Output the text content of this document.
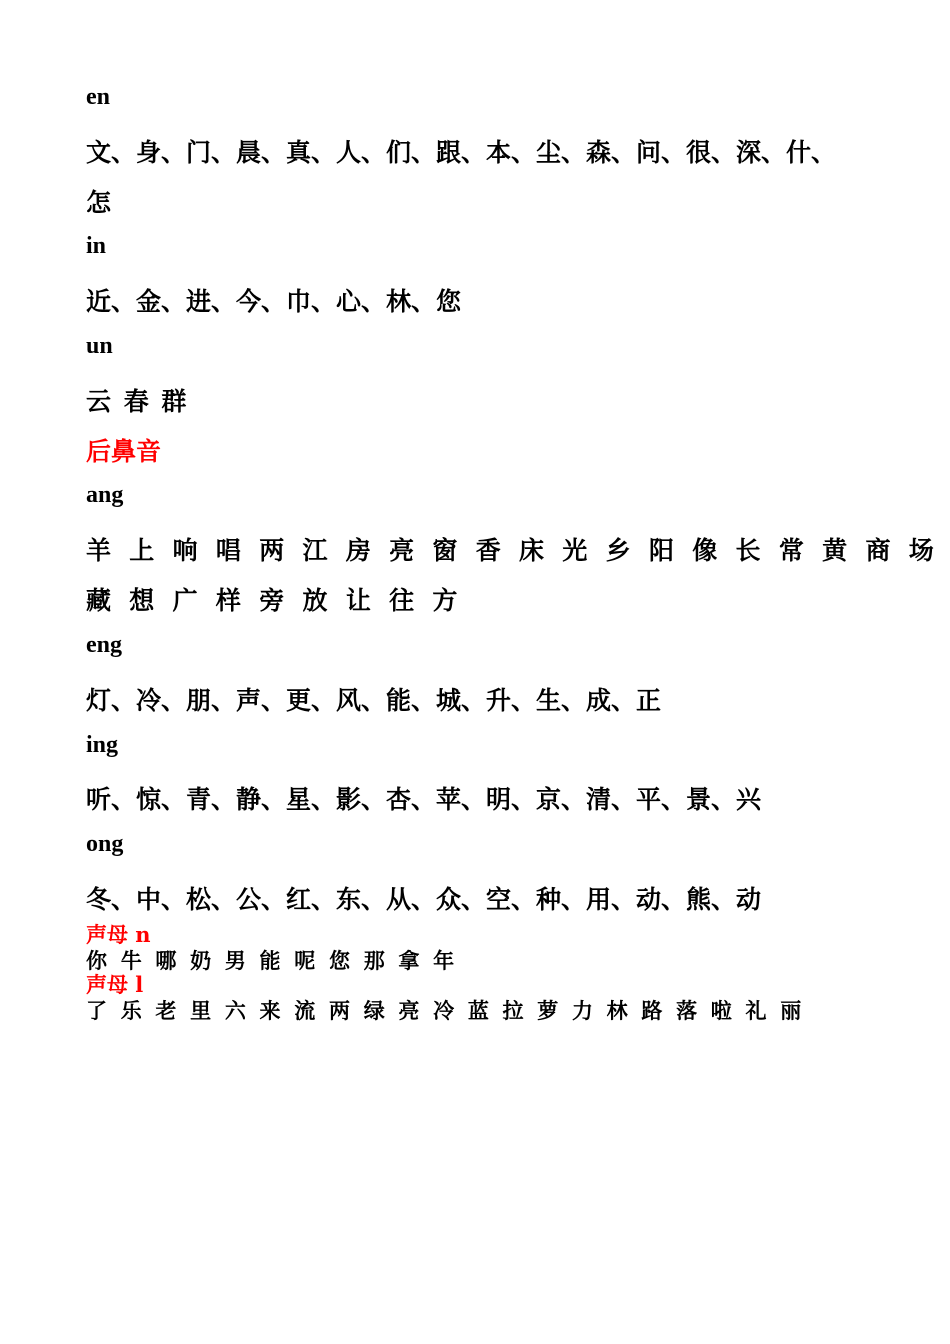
en
文、身、门、晨、真、人、们、跟、本、尘、森、问、很、深、什、
怎
in
近、金、进、今、巾、心、林、您
un
云 春 群
后鼻音
ang
羊 上 响 唱 两 江 房 亮 窗 香 床 光 乡 阳 像 长 常 黄 商 场
藏 想 广 样 旁 放 让 往 方
eng
灯、冷、朋、声、更、风、能、城、升、生、成、正
ing
听、惊、青、静、星、影、杏、苹、明、京、清、平、景、兴
ong
冬、中、松、公、红、东、从、众、空、种、用、动、熊、动
声母 n
你 牛 哪 奶 男 能 呢 您 那 拿 年
声母 l
了 乐 老 里 六 来 流 两 绿 亮 冷 蓝 拉 萝 力 林 路 落 啦 礼 丽
